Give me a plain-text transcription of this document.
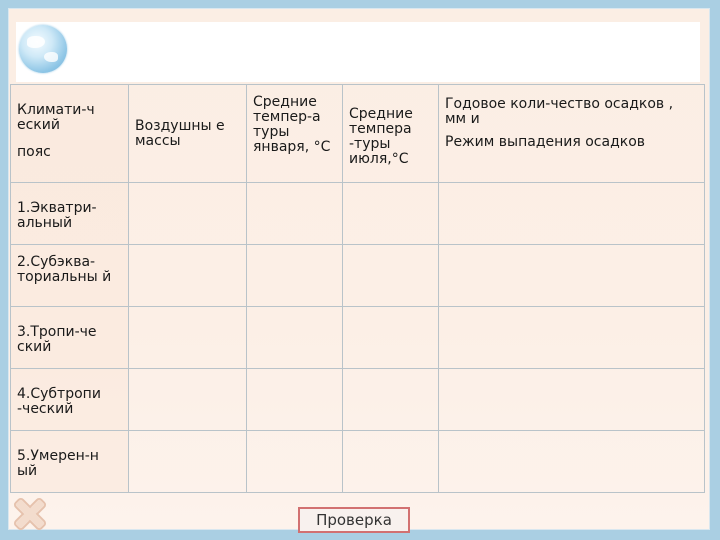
Климати-ч еский
пояс	Воздушны е массы	Средние темпер-а туры января, °С	Средние темпера -туры июля,°С	Годовое коли-чество осадков , мм и
Режим выпадения осадков

1.Экватри-альный				
2.Субэква-ториальны й				
3.Тропи-че ский				
4.Субтропи -ческий				
5.Умерен-н ый				
Проверка
